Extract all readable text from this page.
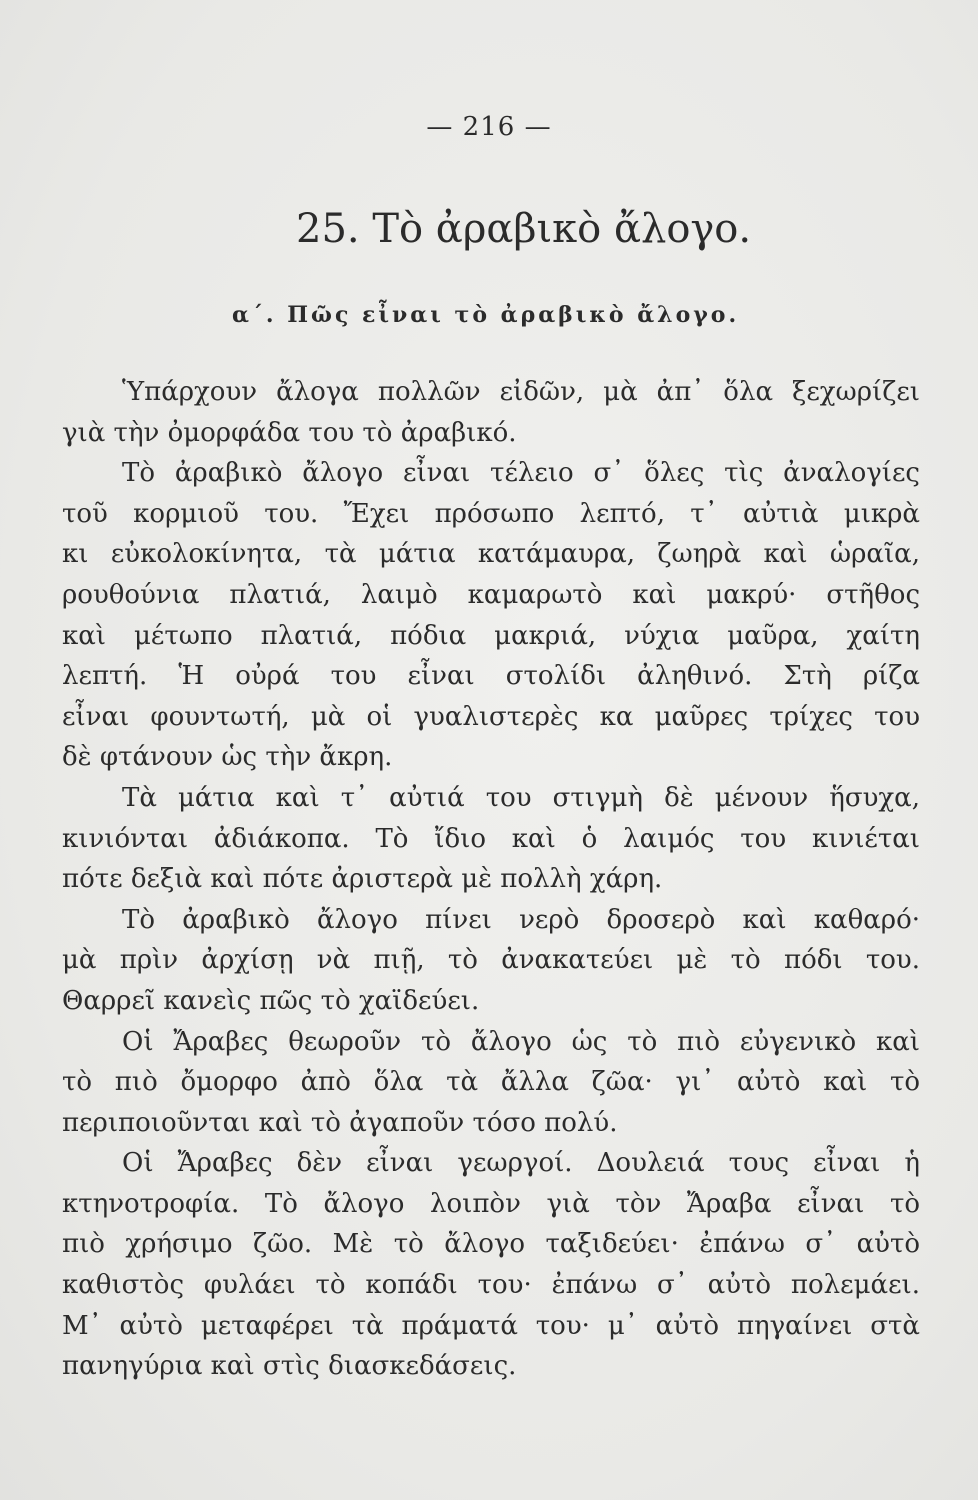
— 216 —
25. Τὸ ἀραβικὸ ἄλογο.
α΄. Πῶς εἶναι τὸ ἀραβικὸ ἄλογο.
Ὑπάρχουν ἄλογα πολλῶν εἰδῶν, μὰ ἀπ᾿ ὅλα ξεχωρίζει
γιὰ τὴν ὀμορφάδα του τὸ ἀραβικό.
Τὸ ἀραβικὸ ἄλογο εἶναι τέλειο σ᾿ ὅλες τὶς ἀναλογίες
τοῦ κορμιοῦ του. Ἔχει πρόσωπο λεπτό, τ᾿ αὐτιὰ μικρὰ
κι εὐκολοκίνητα, τὰ μάτια κατάμαυρα, ζωηρὰ καὶ ὡραῖα,
ρουθούνια πλατιά, λαιμὸ καμαρωτὸ καὶ μακρύ· στῆθος
καὶ μέτωπο πλατιά, πόδια μακριά, νύχια μαῦρα, χαίτη
λεπτή. Ἡ οὐρά του εἶναι στολίδι ἀληθινό. Στὴ ρίζα
εἶναι φουντωτή, μὰ οἱ γυαλιστερὲς κα μαῦρες τρίχες του
δὲ φτάνουν ὡς τὴν ἄκρη.
Τὰ μάτια καὶ τ᾿ αὐτιά του στιγμὴ δὲ μένουν ἥσυχα,
κινιόνται ἀδιάκοπα. Τὸ ἴδιο καὶ ὁ λαιμός του κινιέται
πότε δεξιὰ καὶ πότε ἀριστερὰ μὲ πολλὴ χάρη.
Τὸ ἀραβικὸ ἄλογο πίνει νερὸ δροσερὸ καὶ καθαρό·
μὰ πρὶν ἀρχίσῃ νὰ πιῇ, τὸ ἀνακατεύει μὲ τὸ πόδι του.
Θαρρεῖ κανεὶς πῶς τὸ χαϊδεύει.
Οἱ Ἄραβες θεωροῦν τὸ ἄλογο ὡς τὸ πιὸ εὐγενικὸ καὶ
τὸ πιὸ ὄμορφο ἀπὸ ὅλα τὰ ἄλλα ζῶα· γι᾿ αὐτὸ καὶ τὸ
περιποιοῦνται καὶ τὸ ἀγαποῦν τόσο πολύ.
Οἱ Ἄραβες δὲν εἶναι γεωργοί. Δουλειά τους εἶναι ἡ
κτηνοτροφία. Τὸ ἄλογο λοιπὸν γιὰ τὸν Ἄραβα εἶναι τὸ
πιὸ χρήσιμο ζῶο. Μὲ τὸ ἄλογο ταξιδεύει· ἐπάνω σ᾿ αὐτὸ
καθιστὸς φυλάει τὸ κοπάδι του· ἐπάνω σ᾿ αὐτὸ πολεμάει.
Μ᾿ αὐτὸ μεταφέρει τὰ πράματά του· μ᾿ αὐτὸ πηγαίνει στὰ
πανηγύρια καὶ στὶς διασκεδάσεις.
